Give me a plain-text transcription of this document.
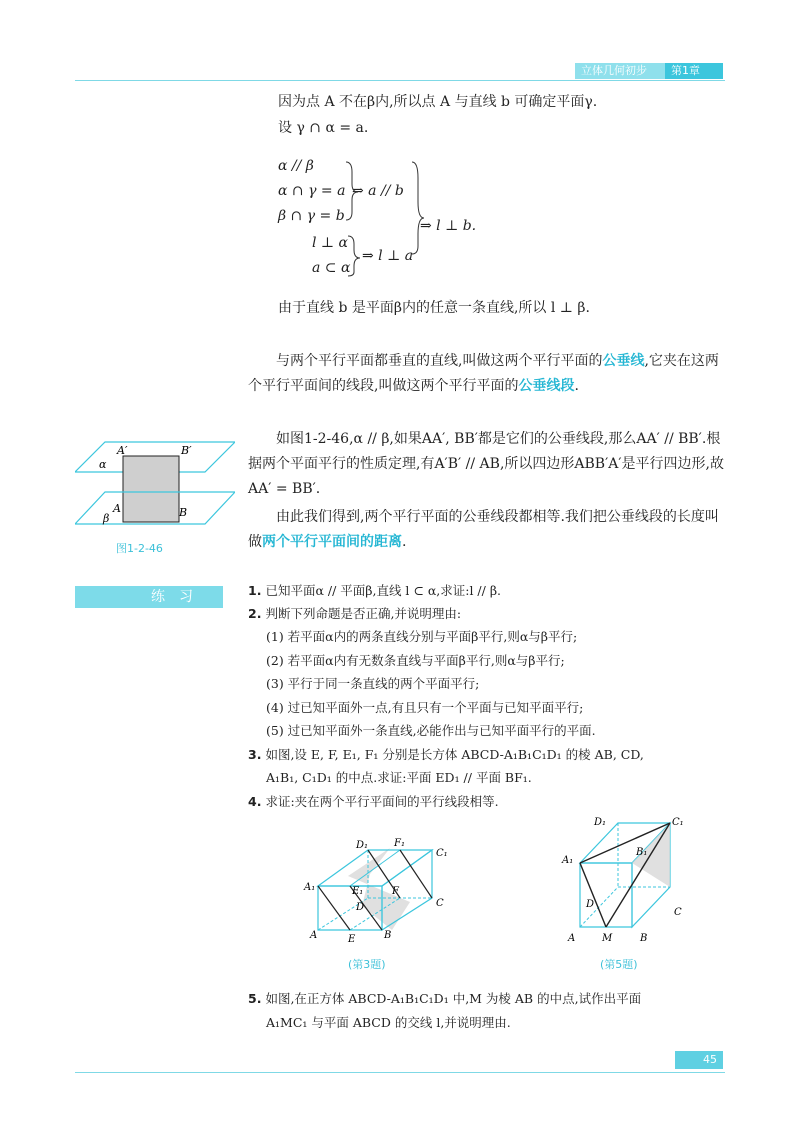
立体几何初步	第1章
因为点 A 不在β内,所以点 A 与直线 b 可确定平面γ.
设 γ ∩ α = a.
α // β
α ∩ γ = a ⇒ a // b
β ∩ γ = b
⇒ l ⊥ b.
l ⊥ α
a ⊂ α
⇒ l ⊥ a
由于直线 b 是平面β内的任意一条直线,所以 l ⊥ β.
与两个平行平面都垂直的直线,叫做这两个平行平面的公垂线,它夹在这两个平行平面间的线段,叫做这两个平行平面的公垂线段.
如图1-2-46,α // β,如果AA′, BB′都是它们的公垂线段,那么AA′ // BB′.根据两个平面平行的性质定理,有A′B′ // AB,所以四边形ABB′A′是平行四边形,故AA′ = BB′.
由此我们得到,两个平行平面的公垂线段都相等.我们把公垂线段的长度叫做两个平行平面间的距离.
A′	B′
α
β
A	B
图1-2-46
练习	1. 已知平面α // 平面β,直线 l ⊂ α,求证:l // β.
2. 判断下列命题是否正确,并说明理由:
(1) 若平面α内的两条直线分别与平面β平行,则α与β平行;
(2) 若平面α内有无数条直线与平面β平行,则α与β平行;
(3) 平行于同一条直线的两个平面平行;
(4) 过已知平面外一点,有且只有一个平面与已知平面平行;
(5) 过已知平面外一条直线,必能作出与已知平面平行的平面.
3. 如图,设 E, F, E₁, F₁ 分别是长方体 ABCD-A₁B₁C₁D₁ 的棱 AB, CD,
A₁B₁, C₁D₁ 的中点.求证:平面 ED₁ // 平面 BF₁.
4. 求证:夹在两个平行平面间的平行线段相等.
D₁	F₁
C₁
A₁	E₁	F
D	C
A	E	B
(第3题)
D₁	C₁
A₁
B₁
D
C
A	M	B
(第5题)
5. 如图,在正方体 ABCD-A₁B₁C₁D₁ 中,M 为棱 AB 的中点,试作出平面
A₁MC₁ 与平面 ABCD 的交线 l,并说明理由.
45
